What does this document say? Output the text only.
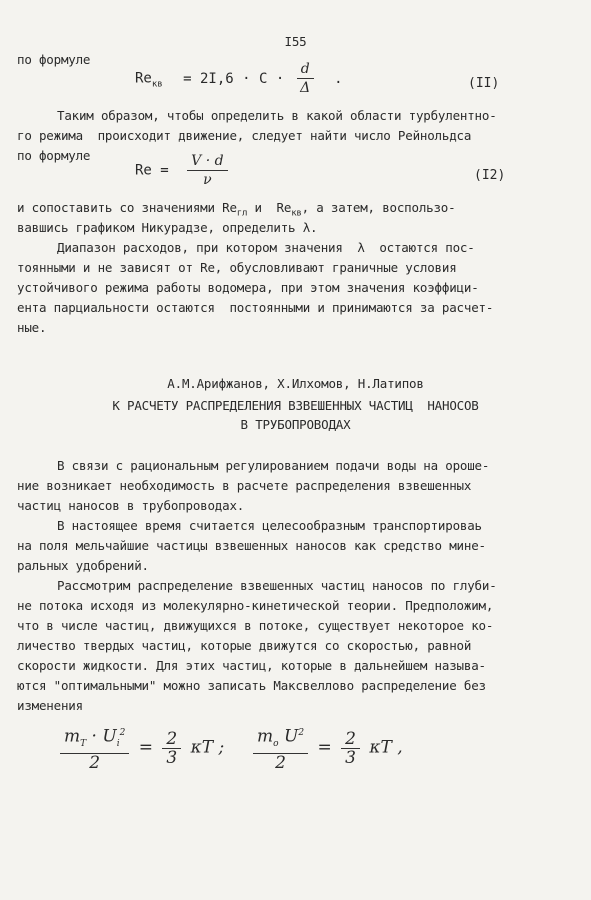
I55
по формуле
$Re_{кв} = 2I,6 \cdot C \cdot \frac{d}{\Delta}$ .	(II)
Таким образом, чтобы определить в какой области турбулентно-
го режима  происходит движение, следует найти число Рейнольдса
по формуле
$Re = \frac{V \cdot d}{\nu}$	(I2)
и сопоставить со значениями $Re_{гл}$ и  $Re_{кв}$, а затем, воспользо-
вавшись графиком Никурадзе, определить λ.
Диапазон расходов, при котором значения  λ  остаются пос-
тоянными и не зависят от Re, обусловливают граничные условия
устойчивого режима работы водомера, при этом значения коэффици-
ента парциальности остаются  постоянными и принимаются за расчет-
ные.
А.М.Арифжанов, Х.Илхомов, Н.Латипов
К РАСЧЕТУ РАСПРЕДЕЛЕНИЯ ВЗВЕШЕННЫХ ЧАСТИЦ  НАНОСОВ
В ТРУБОПРОВОДАХ
В связи с рациональным регулированием подачи воды на ороше-
ние возникает необходимость в расчете распределения взвешенных
частиц наносов в трубопроводах.
В настоящее время считается целесообразным транспортироваь
на поля мельчайшие частицы взвешенных наносов как средство мине-
ральных удобрений.
Рассмотрим распределение взвешенных частиц наносов по глуби-
не потока исходя из молекулярно-кинетической теории. Предположим,
что в числе частиц, движущихся в потоке, существует некоторое ко-
личество твердых частиц, которые движутся со скоростью, равной
скорости жидкости. Для этих частиц, которые в дальнейшем называ-
ются "оптимальными" можно записать Максвеллово распределение без
изменения
$\frac{m_T \cdot U_i^2}{2} = \frac{2}{3}$ κT ; $\frac{m_o U^2}{2} = \frac{2}{3}$ κT ,
